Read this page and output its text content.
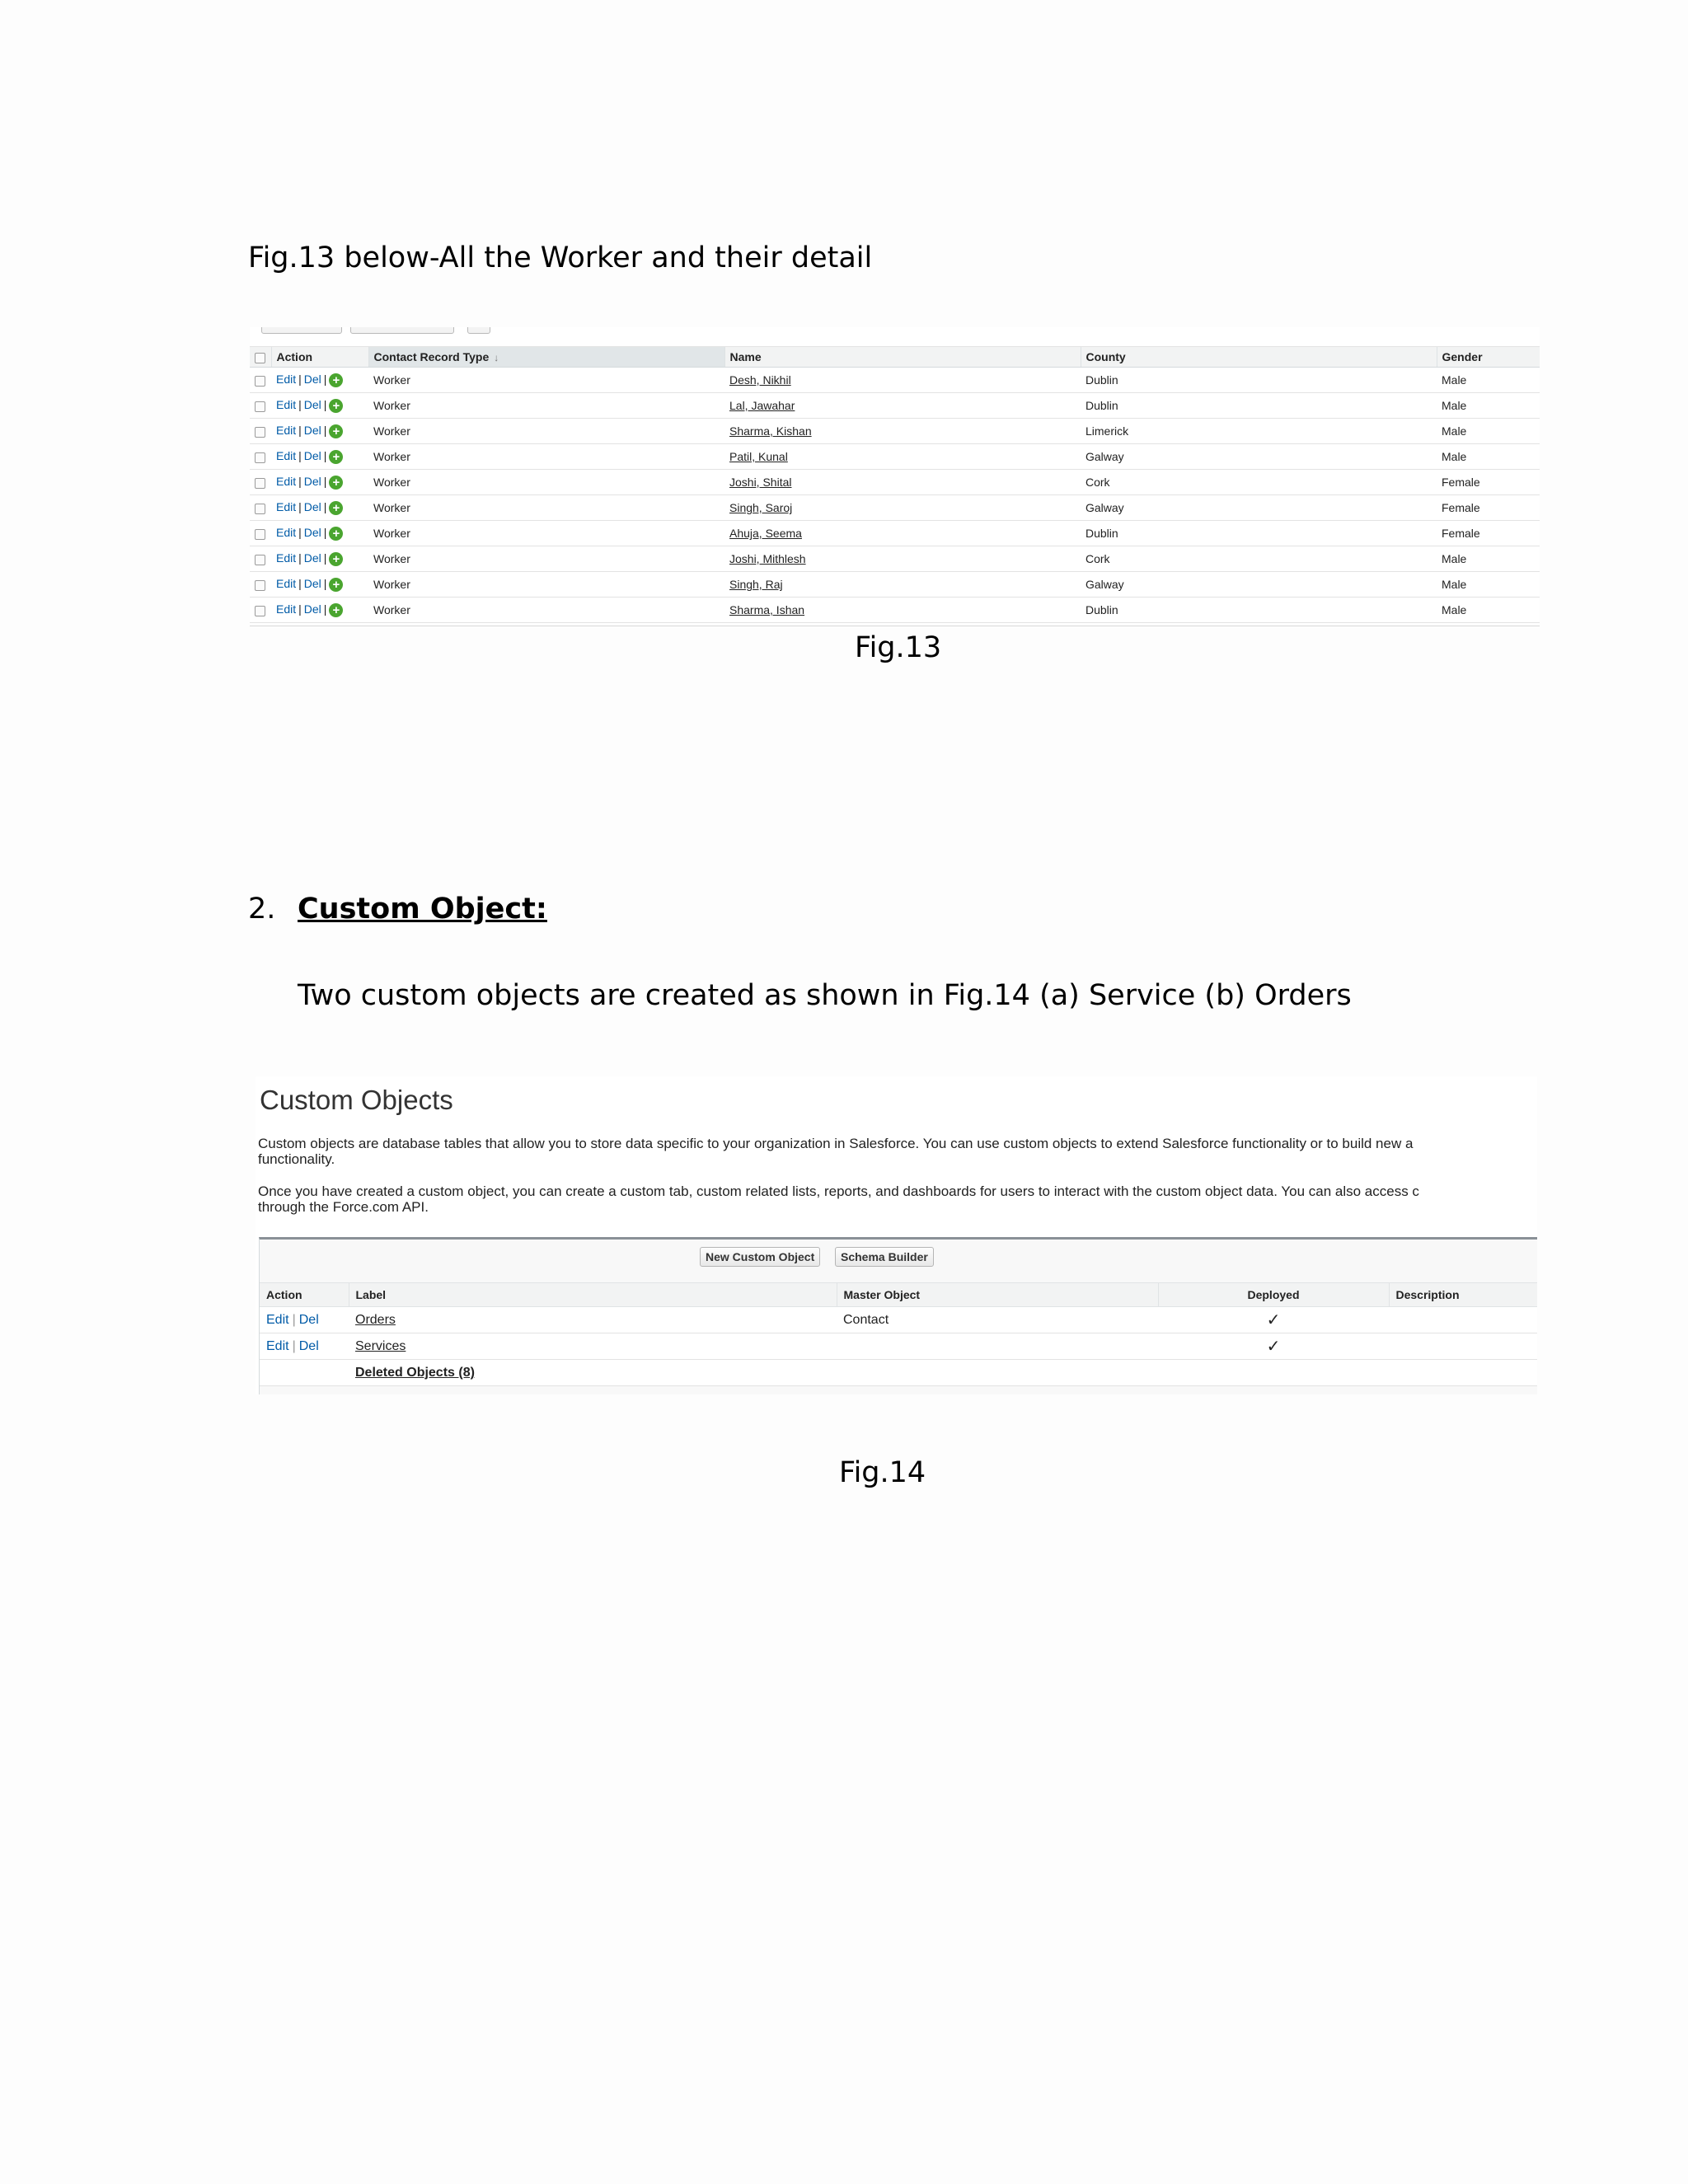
Fig.13 below-All the Worker and their detail
	Action	Contact Record Type ↓	Name	County	Gender
	Edit | Del | +	Worker	Desh, Nikhil	Dublin	Male
	Edit | Del | +	Worker	Lal, Jawahar	Dublin	Male
	Edit | Del | +	Worker	Sharma, Kishan	Limerick	Male
	Edit | Del | +	Worker	Patil, Kunal	Galway	Male
	Edit | Del | +	Worker	Joshi, Shital	Cork	Female
	Edit | Del | +	Worker	Singh, Saroj	Galway	Female
	Edit | Del | +	Worker	Ahuja, Seema	Dublin	Female
	Edit | Del | +	Worker	Joshi, Mithlesh	Cork	Male
	Edit | Del | +	Worker	Singh, Raj	Galway	Male
	Edit | Del | +	Worker	Sharma, Ishan	Dublin	Male
Fig.13
2. Custom Object:
Two custom objects are created as shown in Fig.14 (a) Service (b) Orders
Custom Objects
Custom objects are database tables that allow you to store data specific to your organization in Salesforce. You can use custom objects to extend Salesforce functionality or to build new a
functionality.
Once you have created a custom object, you can create a custom tab, custom related lists, reports, and dashboards for users to interact with the custom object data. You can also access c
through the Force.com API.
New Custom Object	Schema Builder
Action	Label	Master Object	Deployed	Description
Edit | Del	Orders	Contact	✓	
Edit | Del	Services		✓	
	Deleted Objects (8)			
Fig.14
